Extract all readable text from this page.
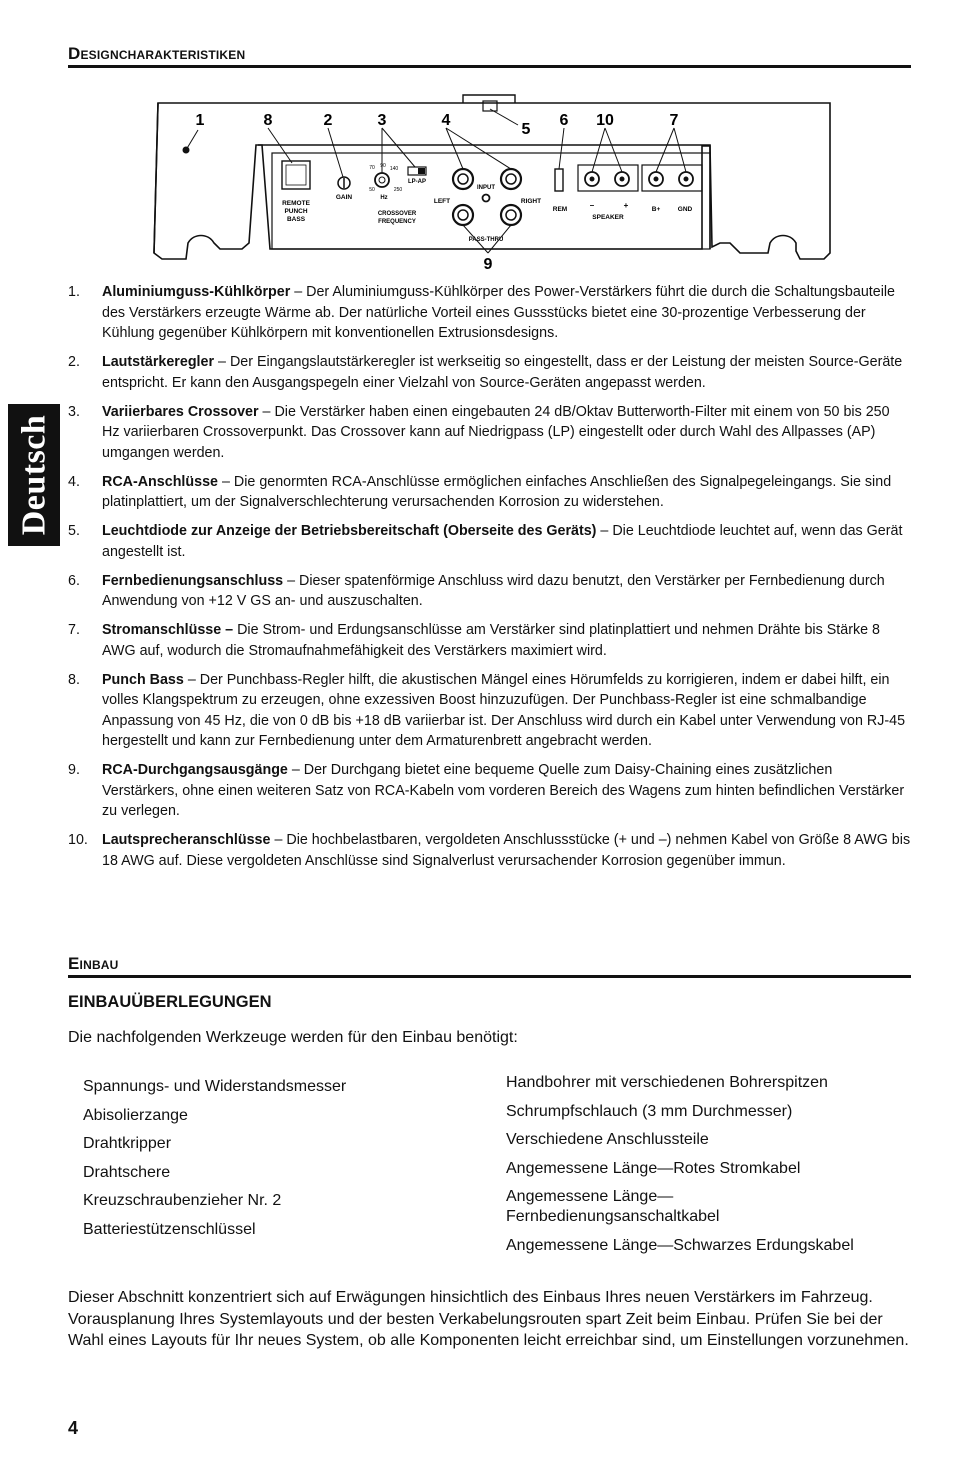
Designcharakteristiken
REMOTE
PUNCH
BASS
GAIN
70 90 140
50	250
Hz
LP-AP
CROSSOVER
FREQUENCY
INPUT
LEFT	RIGHT
PASS-THRU
REM	–	+
SPEAKER
B+	GND
1	8	2	3	4
5
6 10	7
9
Deutsch
1. Aluminiumguss-Kühlkörper – Der Aluminiumguss-Kühlkörper des Power-Verstärkers führt die durch die Schaltungsbauteile des Verstärkers erzeugte Wärme ab. Der natürliche Vorteil eines Gussstücks bietet eine 30-prozentige Verbesserung der Kühlung gegenüber Kühlkörpern mit konventionellen Extrusionsdesigns.
2. Lautstärkeregler – Der Eingangslautstärkeregler ist werkseitig so eingestellt, dass er der Leistung der meisten Source-Geräte entspricht. Er kann den Ausgangspegeln einer Vielzahl von Source-Geräten angepasst werden.
3. Variierbares Crossover – Die Verstärker haben einen eingebauten 24 dB/Oktav Butterworth-Filter mit einem von 50 bis 250 Hz variierbaren Crossoverpunkt. Das Crossover kann auf Niedrigpass (LP) eingestellt oder durch Wahl des Allpasses (AP) umgangen werden.
4. RCA-Anschlüsse – Die genormten RCA-Anschlüsse ermöglichen einfaches Anschließen des Signalpegeleingangs. Sie sind platinplattiert, um der Signalverschlechterung verursachenden Korrosion zu widerstehen.
5. Leuchtdiode zur Anzeige der Betriebsbereitschaft (Oberseite des Geräts) – Die Leuchtdiode leuchtet auf, wenn das Gerät angestellt ist.
6. Fernbedienungsanschluss – Dieser spatenförmige Anschluss wird dazu benutzt, den Verstärker per Fernbedienung durch Anwendung von +12 V GS an- und auszuschalten.
7. Stromanschlüsse – Die Strom- und Erdungsanschlüsse am Verstärker sind platinplattiert und nehmen Drähte bis Stärke 8 AWG auf, wodurch die Stromaufnahmefähigkeit des Verstärkers maximiert wird.
8. Punch Bass – Der Punchbass-Regler hilft, die akustischen Mängel eines Hörumfelds zu korrigieren, indem er dabei hilft, ein volles Klangspektrum zu erzeugen, ohne exzessiven Boost hinzuzufügen. Der Punchbass-Regler ist eine schmalbandige Anpassung von 45 Hz, die von 0 dB bis +18 dB variierbar ist. Der Anschluss wird durch ein Kabel unter Verwendung von RJ-45 hergestellt und kann zur Fernbedienung unter dem Armaturenbrett angebracht werden.
9. RCA-Durchgangsausgänge – Der Durchgang bietet eine bequeme Quelle zum Daisy-Chaining eines zusätzlichen Verstärkers, ohne einen weiteren Satz von RCA-Kabeln vom vorderen Bereich des Wagens zum hinten befindlichen Verstärker zu verlegen.
10. Lautsprecheranschlüsse – Die hochbelastbaren, vergoldeten Anschlussstücke (+ und –) nehmen Kabel von Größe 8 AWG bis 18 AWG auf. Diese vergoldeten Anschlüsse sind Signalverlust verursachender Korrosion gegenüber immun.
Einbau
EINBAUÜBERLEGUNGEN
Die nachfolgenden Werkzeuge werden für den Einbau benötigt:
Spannungs- und Widerstandsmesser
Abisolierzange
Drahtkripper
Drahtschere
Kreuzschraubenzieher Nr. 2
Batteriestützenschlüssel
Handbohrer mit verschiedenen Bohrerspitzen
Schrumpfschlauch (3 mm Durchmesser)
Verschiedene Anschlussteile
Angemessene Länge—Rotes Stromkabel
Angemessene Länge—Fernbedienungsanschaltkabel
Angemessene Länge—Schwarzes Erdungskabel

Dieser Abschnitt konzentriert sich auf Erwägungen hinsichtlich des Einbaus Ihres neuen Verstärkers im Fahrzeug. Vorausplanung Ihres Systemlayouts und der besten Verkabelungsrouten spart Zeit beim Einbau. Prüfen Sie bei der Wahl eines Layouts für Ihr neues System, ob alle Komponenten leicht erreichbar sind, um Einstellungen vorzunehmen.

4
